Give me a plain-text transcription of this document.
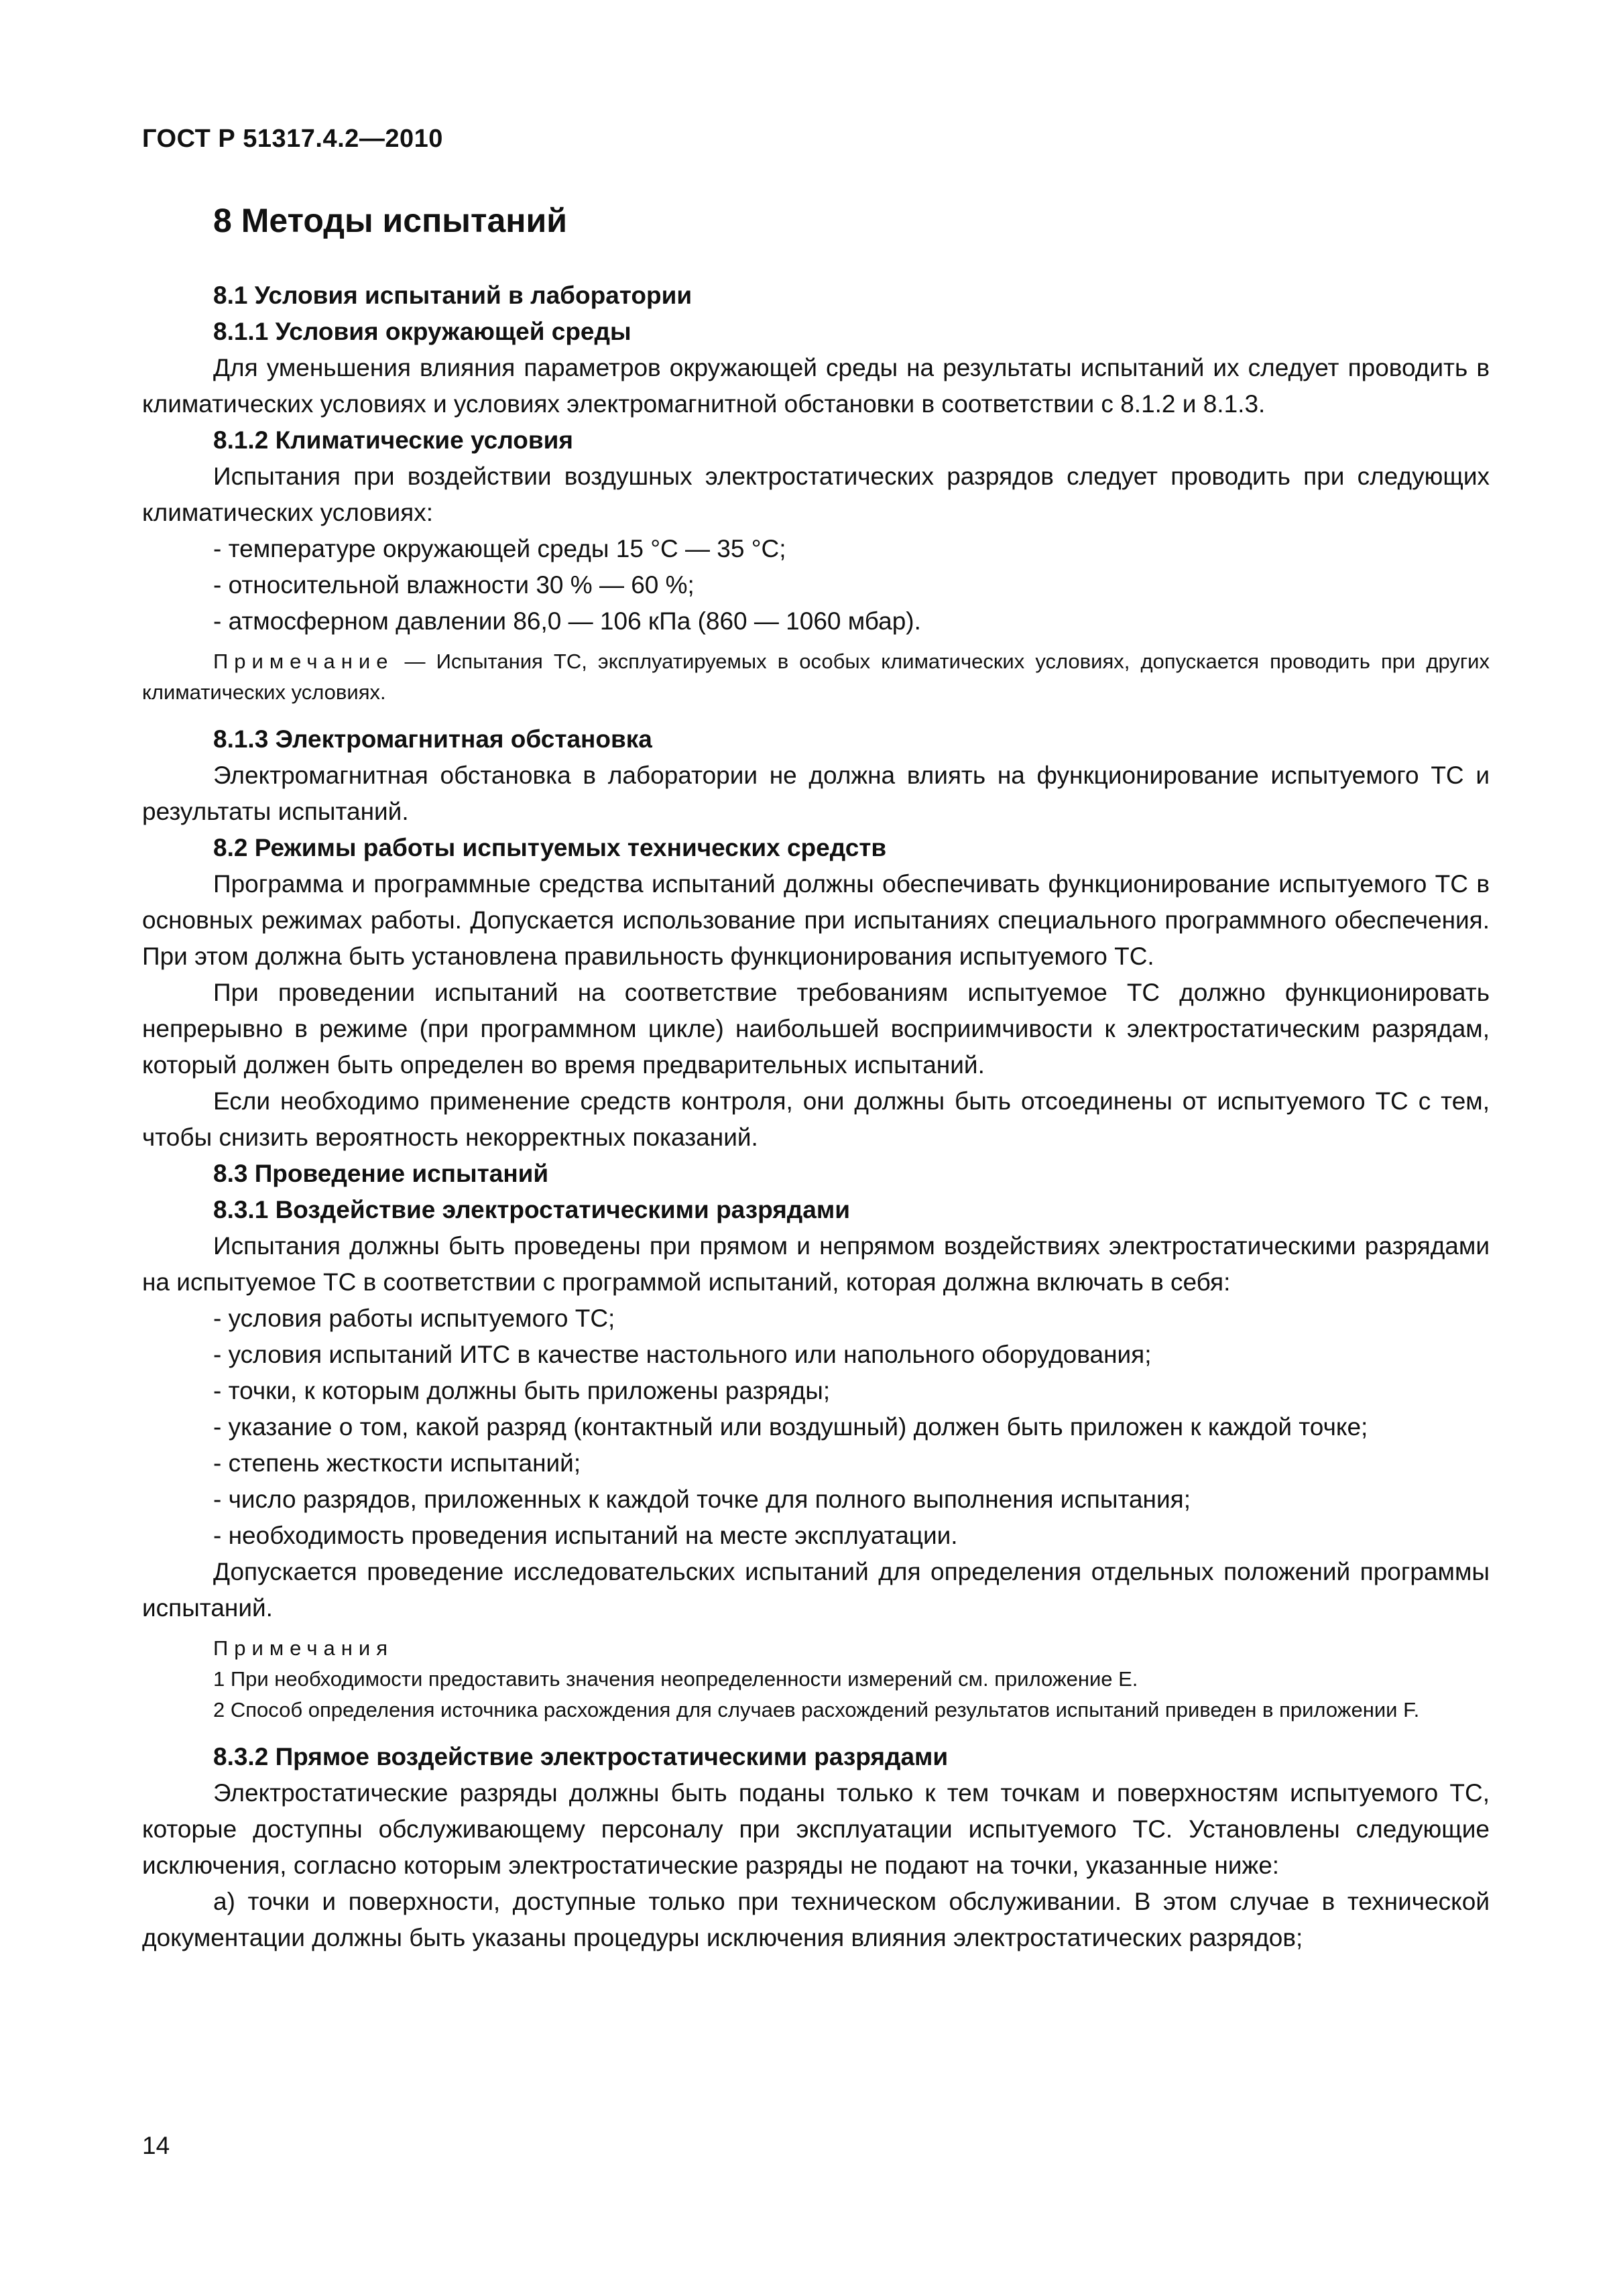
ГОСТ Р 51317.4.2—2010
8 Методы испытаний

8.1 Условия испытаний в лаборатории

8.1.1 Условия окружающей среды

Для уменьшения влияния параметров окружающей среды на результаты испытаний их следует проводить в климатических условиях и условиях электромагнитной обстановки в соответствии с 8.1.2 и 8.1.3.

8.1.2 Климатические условия

Испытания при воздействии воздушных электростатических разрядов следует проводить при следующих климатических условиях:

- температуре окружающей среды 15 °С — 35 °С;

- относительной влажности 30 % — 60 %;

- атмосферном давлении 86,0 — 106 кПа (860 — 1060 мбар).

Примечание — Испытания ТС, эксплуатируемых в особых климатических условиях, допускается проводить при других климатических условиях.

8.1.3 Электромагнитная обстановка

Электромагнитная обстановка в лаборатории не должна влиять на функционирование испытуемого ТС и результаты испытаний.

8.2 Режимы работы испытуемых технических средств

Программа и программные средства испытаний должны обеспечивать функционирование испытуемого ТС в основных режимах работы. Допускается использование при испытаниях специального программного обеспечения. При этом должна быть установлена правильность функционирования испытуемого ТС.

При проведении испытаний на соответствие требованиям испытуемое ТС должно функционировать непрерывно в режиме (при программном цикле) наибольшей восприимчивости к электростатическим разрядам, который должен быть определен во время предварительных испытаний.

Если необходимо применение средств контроля, они должны быть отсоединены от испытуемого ТС с тем, чтобы снизить вероятность некорректных показаний.

8.3 Проведение испытаний

8.3.1 Воздействие электростатическими разрядами

Испытания должны быть проведены при прямом и непрямом воздействиях электростатическими разрядами на испытуемое ТС в соответствии с программой испытаний, которая должна включать в себя:

- условия работы испытуемого ТС;

- условия испытаний ИТС в качестве настольного или напольного оборудования;

- точки, к которым должны быть приложены разряды;

- указание о том, какой разряд (контактный или воздушный) должен быть приложен к каждой точке;

- степень жесткости испытаний;

- число разрядов, приложенных к каждой точке для полного выполнения испытания;

- необходимость проведения испытаний на месте эксплуатации.

Допускается проведение исследовательских испытаний для определения отдельных положений программы испытаний.

Примечания

1 При необходимости предоставить значения неопределенности измерений см. приложение Е.

2 Способ определения источника расхождения для случаев расхождений результатов испытаний приведен в приложении F.

8.3.2 Прямое воздействие электростатическими разрядами

Электростатические разряды должны быть поданы только к тем точкам и поверхностям испытуемого ТС, которые доступны обслуживающему персоналу при эксплуатации испытуемого ТС. Установлены следующие исключения, согласно которым электростатические разряды не подают на точки, указанные ниже:

а) точки и поверхности, доступные только при техническом обслуживании. В этом случае в технической документации должны быть указаны процедуры исключения влияния электростатических разрядов;

14
